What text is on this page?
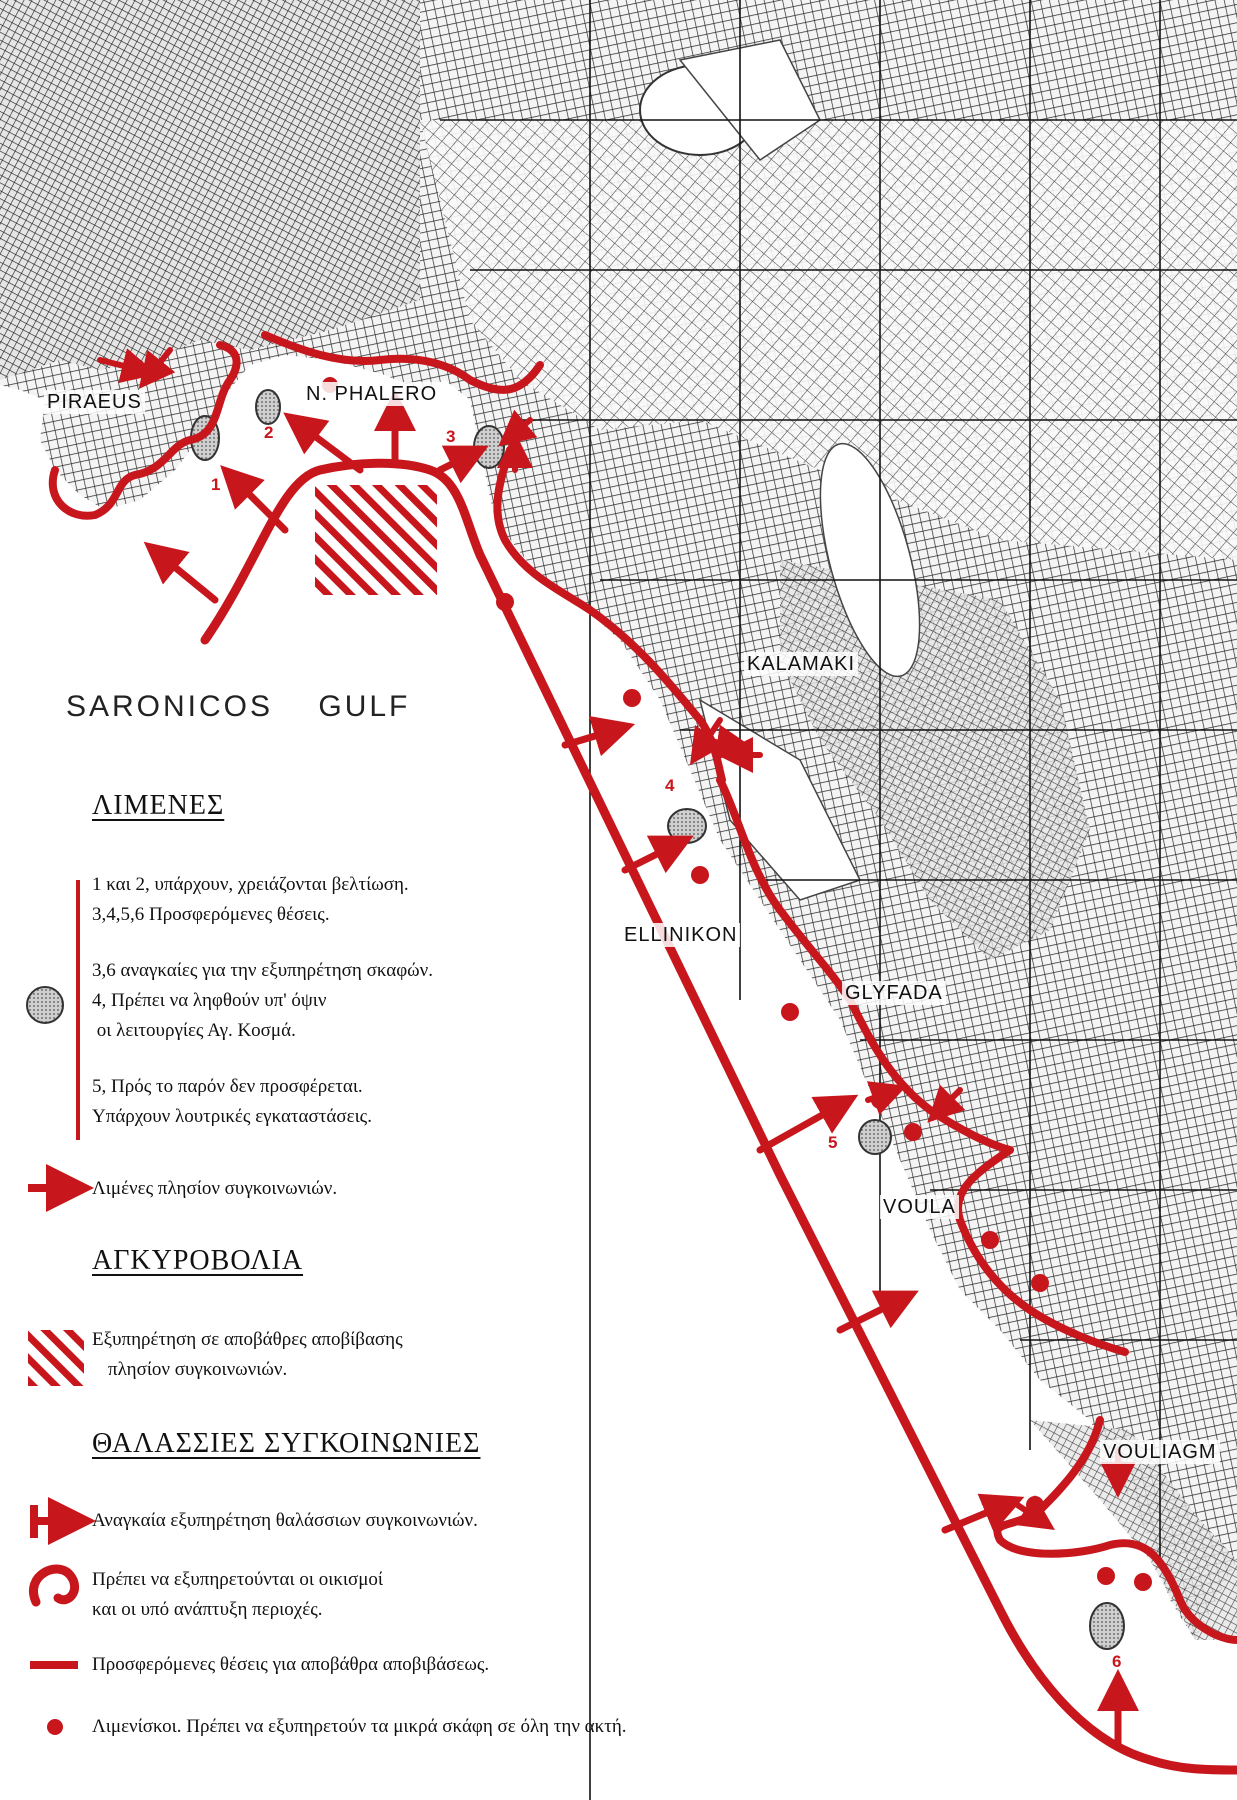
PIRAEUS	N. PHALERO
KALAMAKI
ELLINIKON
GLYFADA
VOULA
VOULIAGM
SARONICOS    GULF
1
2	3
4
5
6
ΛΙΜΕΝΕΣ
1 και 2, υπάρχουν, χρειάζονται βελτίωση.
3,4,5,6 Προσφερόμενες θέσεις.
3,6 αναγκαίες για την εξυπηρέτηση σκαφών.
4, Πρέπει να ληφθούν υπ' όψιν
οι λειτουργίες Αγ. Κοσμά.
5, Πρός το παρόν δεν προσφέρεται.
Υπάρχουν λουτρικές εγκαταστάσεις.
Λιμένες πλησίον συγκοινωνιών.
ΑΓΚΥΡΟΒΟΛΙΑ
Εξυπηρέτηση σε αποβάθρες αποβίβασης
πλησίον συγκοινωνιών.
ΘΑΛΑΣΣΙΕΣ ΣΥΓΚΟΙΝΩΝΙΕΣ
Αναγκαία εξυπηρέτηση θαλάσσιων συγκοινωνιών.
Πρέπει να εξυπηρετούνται οι οικισμοί
και οι υπό ανάπτυξη περιοχές.
Προσφερόμενες θέσεις για αποβάθρα αποβιβάσεως.
Λιμενίσκοι. Πρέπει να εξυπηρετούν τα μικρά σκάφη σε όλη την ακτή.
